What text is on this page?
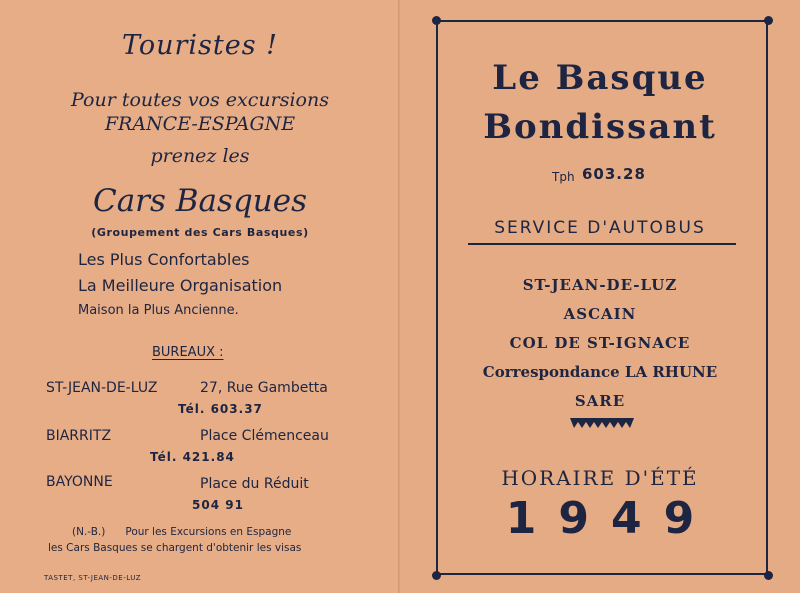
Touristes !
Pour toutes vos excursions
FRANCE-ESPAGNE
prenez les
Cars Basques
(Groupement des Cars Basques)
Les Plus Confortables
La Meilleure Organisation
Maison la Plus Ancienne.
BUREAUX :
ST-JEAN-DE-LUZ	27, Rue Gambetta
Tél. 603.37
BIARRITZ	Place Clémenceau
Tél. 421.84
BAYONNE	Place du Réduit
504 91
(N.-B.)      Pour les Excursions en Espagne
les Cars Basques se chargent d'obtenir les visas
TASTET, ST-JEAN-DE-LUZ
Le Basque
Bondissant
Tph 603.28
SERVICE D'AUTOBUS
ST-JEAN-DE-LUZ
ASCAIN
COL DE ST-IGNACE
Correspondance LA RHUNE
SARE
HORAIRE D'ÉTÉ
1949
